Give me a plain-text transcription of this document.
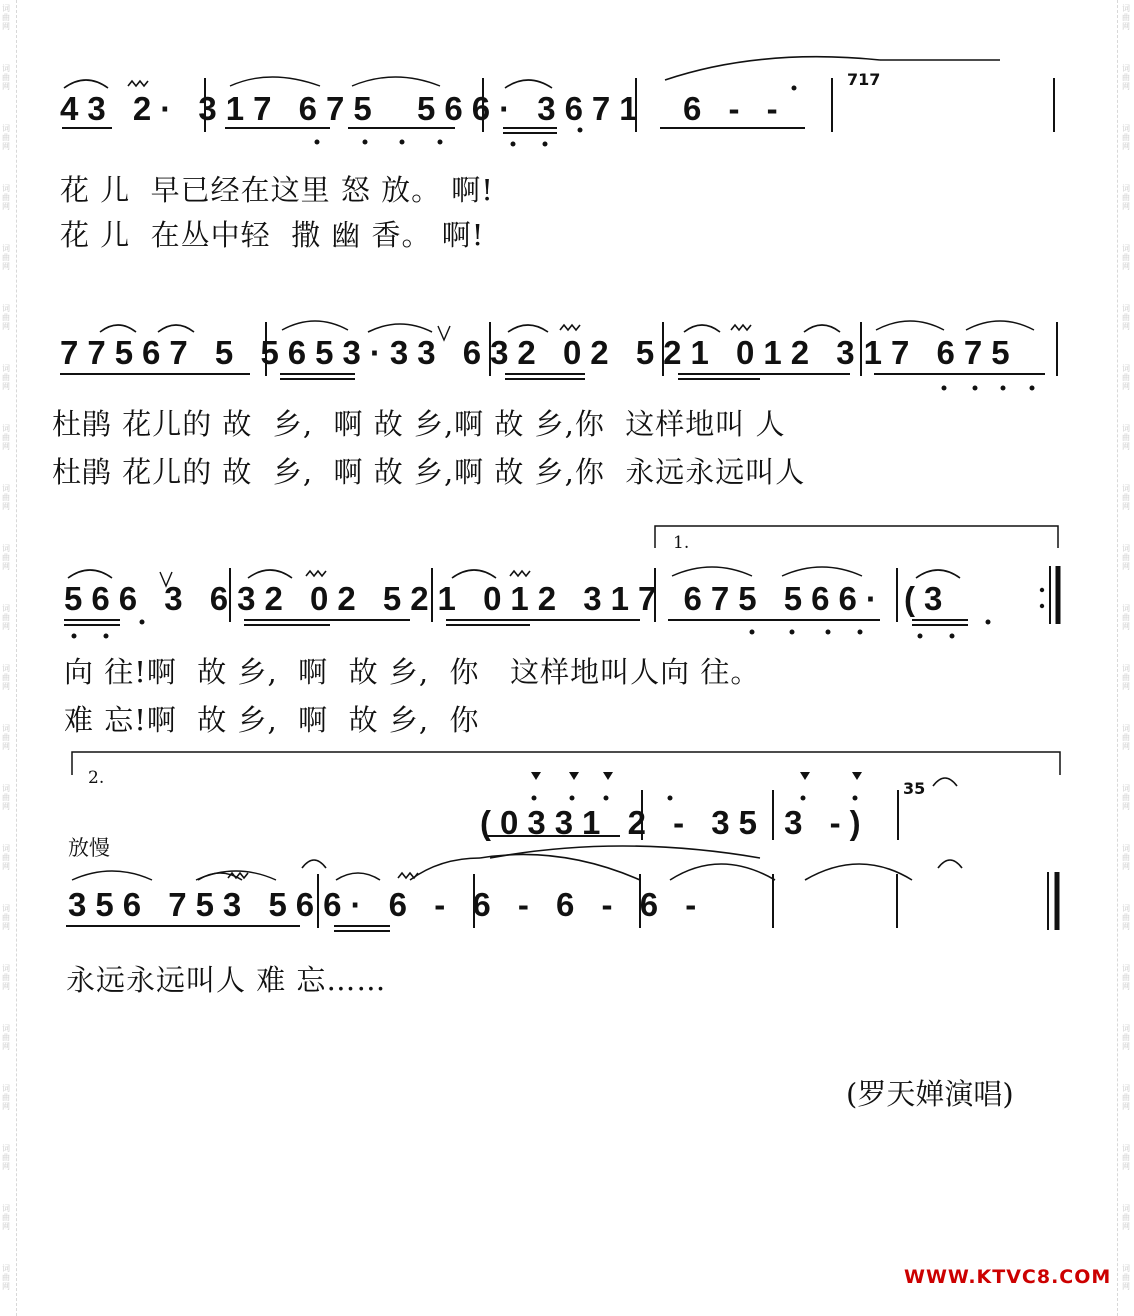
词曲网
词曲网
词曲网
词曲网
词曲网
词曲网
词曲网
词曲网
词曲网
词曲网
词曲网
词曲网
词曲网
词曲网
词曲网
词曲网
词曲网
词曲网
词曲网
词曲网
词曲网
词曲网
词曲网
词曲网
词曲网
词曲网
词曲网
词曲网
词曲网
词曲网
词曲网
词曲网
词曲网
词曲网
词曲网
词曲网
词曲网
词曲网
词曲网
词曲网
词曲网
词曲网
词曲网
词曲网
43 2· 317 675  566· 3671  6 - -
717
花 儿  早已经在这里 怒 放。 啊!
花 儿  在丛中轻  撒 幽 香。 啊!
77567 5 5653·33 632 02 521 012 317 675
杜鹃 花儿的 故  乡,  啊 故 乡,啊 故 乡,你  这样地叫 人
杜鹃 花儿的 故  乡,  啊 故 乡,啊 故 乡,你  永远永远叫人
1.
566 3 632 02 521 012 317 675 566· (3
向 往!啊  故 乡,  啊  故 乡,  你   这样地叫人向 往。
难 忘!啊  故 乡,  啊  故 乡,  你
2.
(0331 2 - 35 3 -)
35
放慢
356 753 566· 6 - 6 - 6 - 6 -
永远永远叫人 难 忘……
(罗天婵演唱)
WWW.KTVC8.COM
